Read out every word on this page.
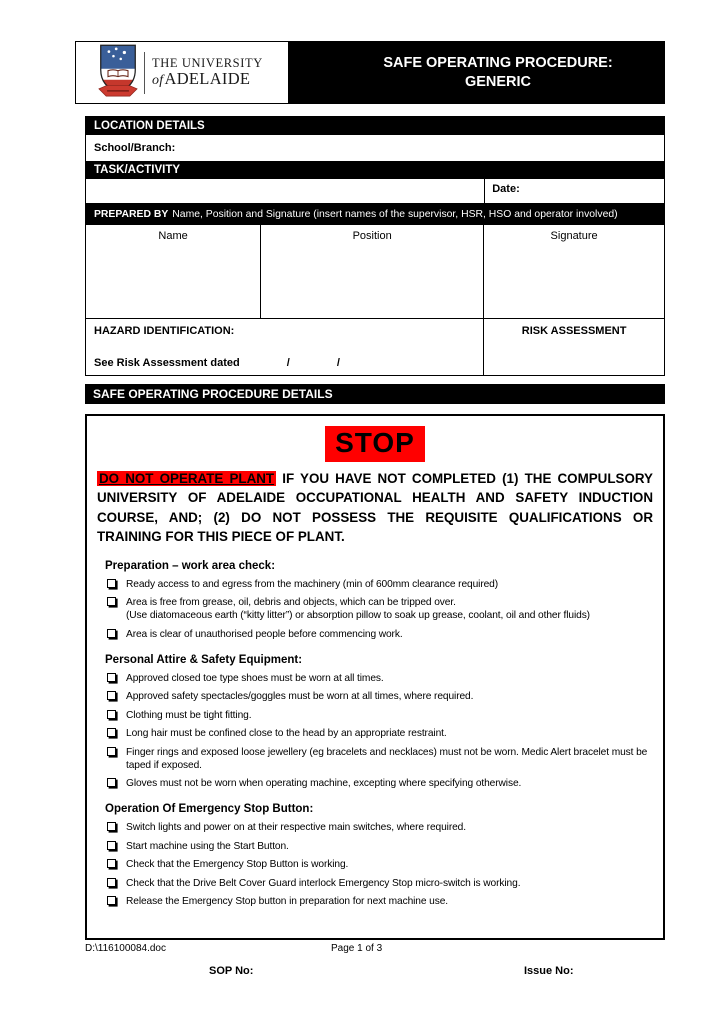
THE UNIVERSITY
ofADELAIDE
SAFE OPERATING PROCEDURE:
GENERIC
LOCATION DETAILS
School/Branch:
TASK/ACTIVITY
Date:
PREPARED BY Name, Position and Signature (insert names of the supervisor, HSR, HSO and operator involved)
Name	Position	Signature
HAZARD IDENTIFICATION:
See Risk Assessment dated	/	/
RISK ASSESSMENT
SAFE OPERATING PROCEDURE DETAILS
STOP

DO NOT OPERATE PLANT IF YOU HAVE NOT COMPLETED (1) THE COMPULSORY UNIVERSITY OF ADELAIDE OCCUPATIONAL HEALTH AND SAFETY INDUCTION COURSE, AND; (2) DO NOT POSSESS THE REQUISITE QUALIFICATIONS OR TRAINING FOR THIS PIECE OF PLANT.

Preparation – work area check:
Ready access to and egress from the machinery (min of 600mm clearance required)
Area is free from grease, oil, debris and objects, which can be tripped over.
(Use diatomaceous earth (“kitty litter”) or absorption pillow to soak up grease, coolant, oil and other fluids)
Area is clear of unauthorised people before commencing work.
Personal Attire & Safety Equipment:
Approved closed toe type shoes must be worn at all times.
Approved safety spectacles/goggles must be worn at all times, where required.
Clothing must be tight fitting.
Long hair must be confined close to the head by an appropriate restraint.
Finger rings and exposed loose jewellery (eg bracelets and necklaces) must not be worn. Medic Alert bracelet must be taped if exposed.
Gloves must not be worn when operating machine, excepting where specifying otherwise.
Operation Of Emergency Stop Button:
Switch lights and power on at their respective main switches, where required.
Start machine using the Start Button.
Check that the Emergency Stop Button is working.
Check that the Drive Belt Cover Guard interlock Emergency Stop micro-switch is working.
Release the Emergency Stop button in preparation for next machine use.
D:\116100084.doc	Page 1 of 3
SOP No:	Issue No:
